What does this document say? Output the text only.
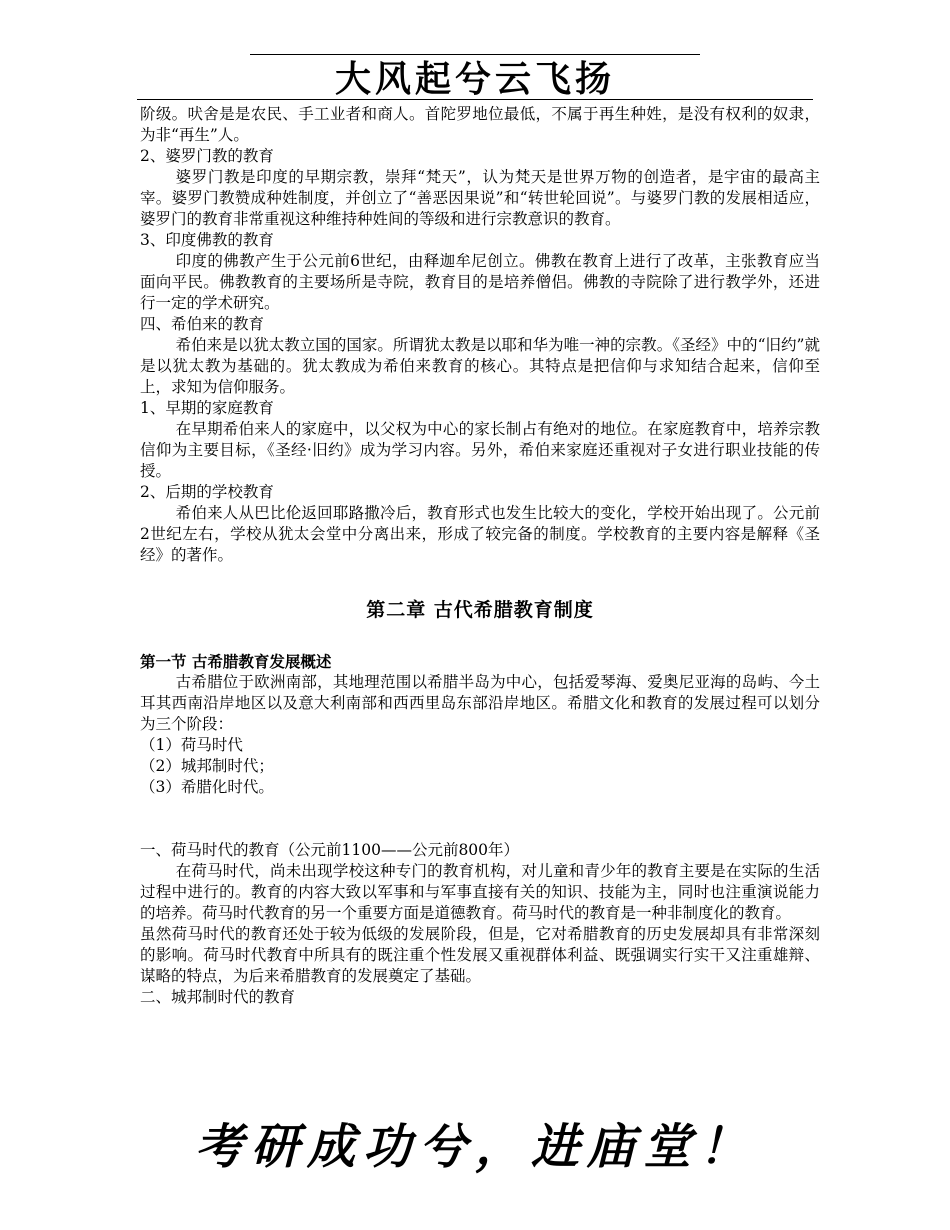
大风起兮云飞扬

阶级。吠舍是是农民、手工业者和商人。首陀罗地位最低，不属于再生种姓，是没有权利的奴隶，为非“再生”人。

2、婆罗门教的教育

婆罗门教是印度的早期宗教，崇拜“梵天”，认为梵天是世界万物的创造者，是宇宙的最高主宰。婆罗门教赞成种姓制度，并创立了“善恶因果说”和“转世轮回说”。与婆罗门教的发展相适应，婆罗门的教育非常重视这种维持种姓间的等级和进行宗教意识的教育。

3、印度佛教的教育

印度的佛教产生于公元前6世纪，由释迦牟尼创立。佛教在教育上进行了改革，主张教育应当面向平民。佛教教育的主要场所是寺院，教育目的是培养僧侣。佛教的寺院除了进行教学外，还进行一定的学术研究。

四、希伯来的教育

希伯来是以犹太教立国的国家。所谓犹太教是以耶和华为唯一神的宗教。《圣经》中的“旧约”就是以犹太教为基础的。犹太教成为希伯来教育的核心。其特点是把信仰与求知结合起来，信仰至上，求知为信仰服务。

1、早期的家庭教育

在早期希伯来人的家庭中，以父权为中心的家长制占有绝对的地位。在家庭教育中，培养宗教信仰为主要目标，《圣经·旧约》成为学习内容。另外，希伯来家庭还重视对子女进行职业技能的传授。

2、后期的学校教育

希伯来人从巴比伦返回耶路撒冷后，教育形式也发生比较大的变化，学校开始出现了。公元前2世纪左右，学校从犹太会堂中分离出来，形成了较完备的制度。学校教育的主要内容是解释《圣经》的著作。

第二章 古代希腊教育制度

第一节 古希腊教育发展概述

古希腊位于欧洲南部，其地理范围以希腊半岛为中心，包括爱琴海、爱奥尼亚海的岛屿、今土耳其西南沿岸地区以及意大利南部和西西里岛东部沿岸地区。希腊文化和教育的发展过程可以划分为三个阶段：

（1）荷马时代

（2）城邦制时代；

（3）希腊化时代。

一、荷马时代的教育（公元前1100——公元前800年）

在荷马时代，尚未出现学校这种专门的教育机构，对儿童和青少年的教育主要是在实际的生活过程中进行的。教育的内容大致以军事和与军事直接有关的知识、技能为主，同时也注重演说能力的培养。荷马时代教育的另一个重要方面是道德教育。荷马时代的教育是一种非制度化的教育。

虽然荷马时代的教育还处于较为低级的发展阶段，但是，它对希腊教育的历史发展却具有非常深刻的影响。荷马时代教育中所具有的既注重个性发展又重视群体利益、既强调实行实干又注重雄辩、谋略的特点，为后来希腊教育的发展奠定了基础。

二、城邦制时代的教育

考研成功兮，进庙堂！
